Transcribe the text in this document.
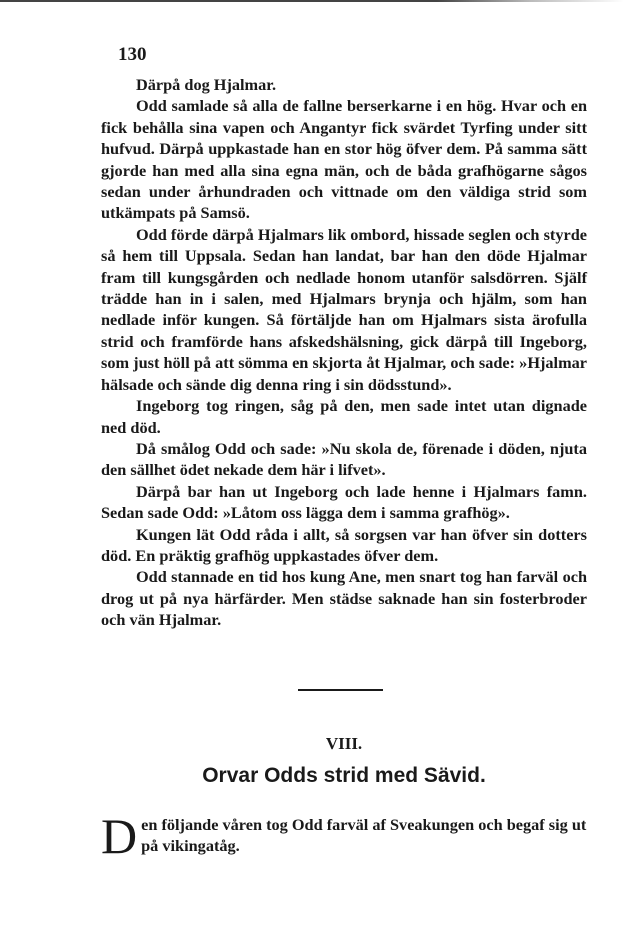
130

Därpå dog Hjalmar.

Odd samlade så alla de fallne berserkarne i en hög. Hvar och en fick behålla sina vapen och Angantyr fick svärdet Tyrfing under sitt hufvud. Därpå uppkastade han en stor hög öfver dem. På samma sätt gjorde han med alla sina egna män, och de båda grafhögarne sågos sedan under århundraden och vittnade om den väldiga strid som utkämpats på Samsö.

Odd förde därpå Hjalmars lik ombord, hissade seglen och styrde så hem till Uppsala. Sedan han landat, bar han den döde Hjalmar fram till kungsgården och nedlade honom utanför salsdörren. Själf trädde han in i salen, med Hjalmars brynja och hjälm, som han nedlade inför kungen. Så förtäljde han om Hjalmars sista ärofulla strid och framförde hans afskedshälsning, gick därpå till Ingeborg, som just höll på att sömma en skjorta åt Hjalmar, och sade: »Hjalmar hälsade och sände dig denna ring i sin dödsstund».

Ingeborg tog ringen, såg på den, men sade intet utan dignade ned död.

Då smålog Odd och sade: »Nu skola de, förenade i döden, njuta den sällhet ödet nekade dem här i lifvet».

Därpå bar han ut Ingeborg och lade henne i Hjalmars famn. Sedan sade Odd: »Låtom oss lägga dem i samma grafhög».

Kungen lät Odd råda i allt, så sorgsen var han öfver sin dotters död. En präktig grafhög uppkastades öfver dem.

Odd stannade en tid hos kung Ane, men snart tog han farväl och drog ut på nya härfärder. Men städse saknade han sin fosterbroder och vän Hjalmar.

VIII.
Orvar Odds strid med Sävid.
D en följande våren tog Odd farväl af Sveakungen och begaf sig ut på vikingatåg.
